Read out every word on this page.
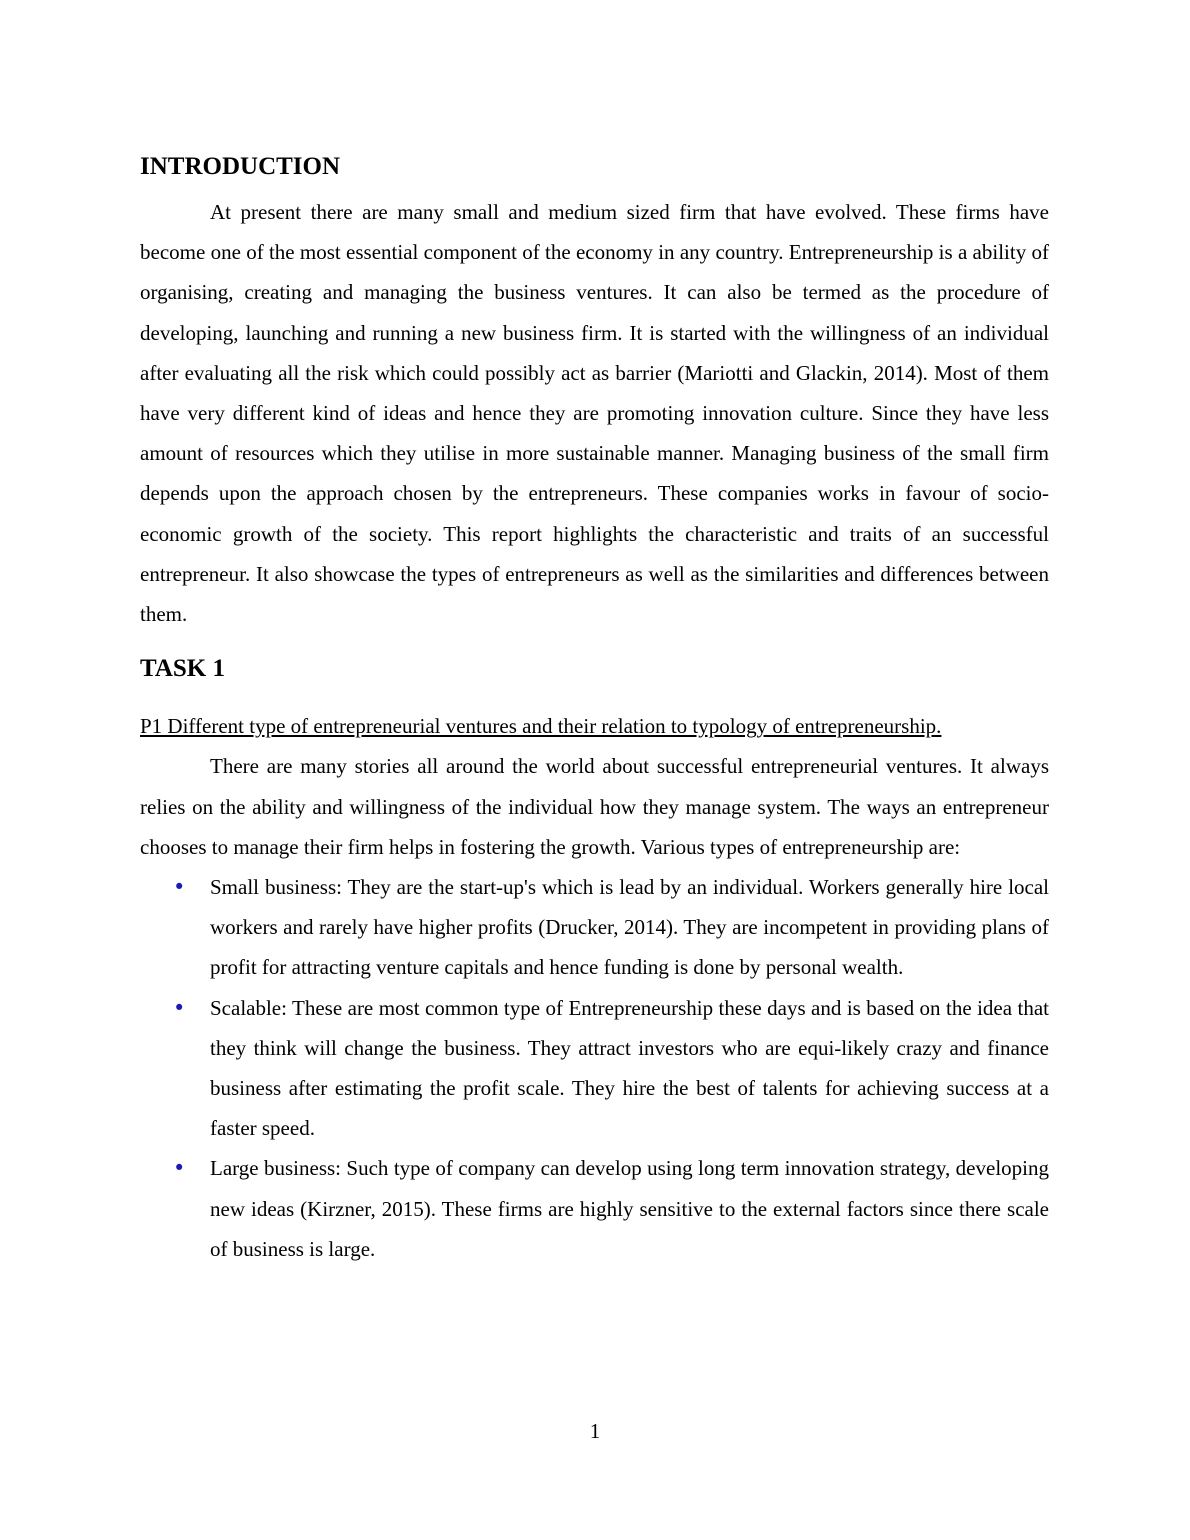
INTRODUCTION

At present there are many small and medium sized firm that have evolved. These firms have become one of the most essential component of the economy in any country. Entrepreneurship is a ability of organising, creating and managing the business ventures. It can also be termed as the procedure of developing, launching and running a new business firm. It is started with the willingness of an individual after evaluating all the risk which could possibly act as barrier (Mariotti and Glackin, 2014). Most of them have very different kind of ideas and hence they are promoting innovation culture. Since they have less amount of resources which they utilise in more sustainable manner. Managing business of the small firm depends upon the approach chosen by the entrepreneurs. These companies works in favour of socio-economic growth of the society. This report highlights the characteristic and traits of an successful entrepreneur. It also showcase the types of entrepreneurs as well as the similarities and differences between them.

TASK 1

P1 Different type of entrepreneurial ventures and their relation to typology of entrepreneurship.

There are many stories all around the world about successful entrepreneurial ventures. It always relies on the ability and willingness of the individual how they manage system. The ways an entrepreneur chooses to manage their firm helps in fostering the growth. Various types of entrepreneurship are:

• Small business: They are the start-up's which is lead by an individual. Workers generally hire local workers and rarely have higher profits (Drucker, 2014). They are incompetent in providing plans of profit for attracting venture capitals and hence funding is done by personal wealth.
• Scalable: These are most common type of Entrepreneurship these days and is based on the idea that they think will change the business. They attract investors who are equi-likely crazy and finance business after estimating the profit scale. They hire the best of talents for achieving success at a faster speed.
• Large business: Such type of company can develop using long term innovation strategy, developing new ideas (Kirzner, 2015). These firms are highly sensitive to the external factors since there scale of business is large.
1
